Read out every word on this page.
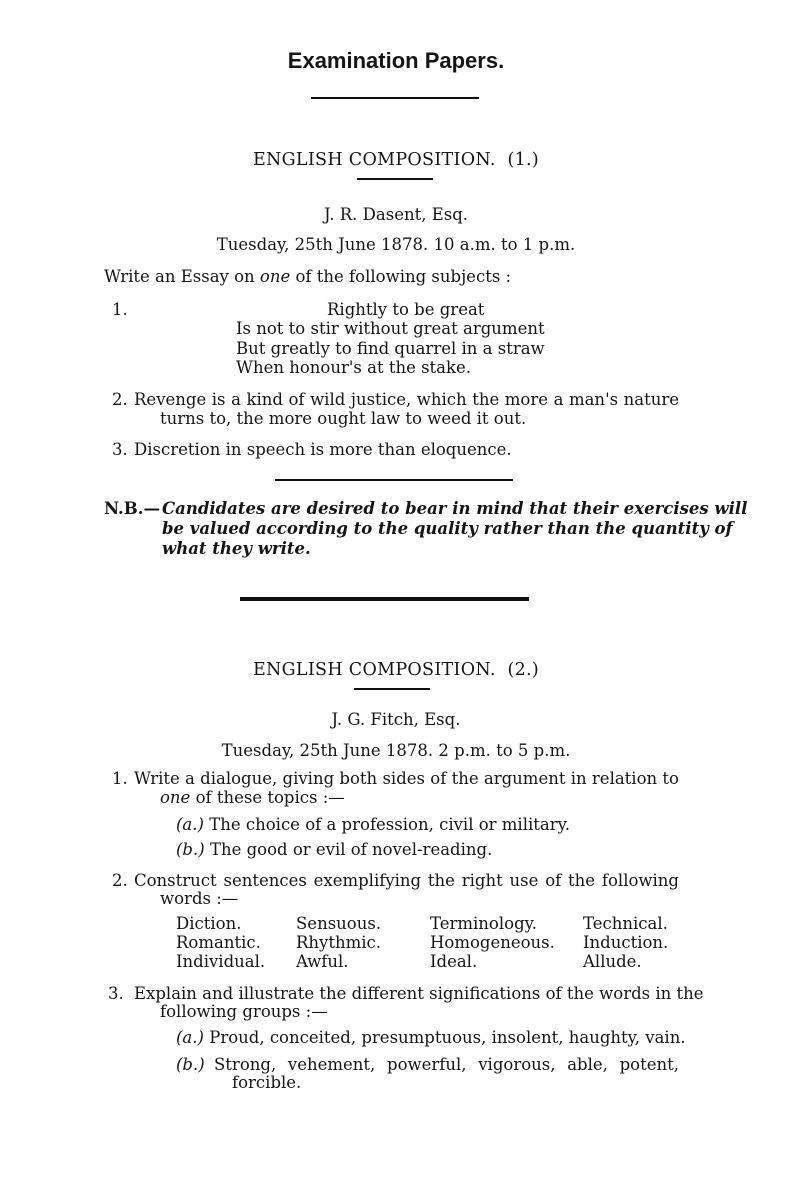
Examination Papers.
ENGLISH COMPOSITION. (1.)
J. R. Dasent, Esq.
Tuesday, 25th June 1878. 10 a.m. to 1 p.m.
Write an Essay on one of the following subjects :
1.	Rightly to be great
Is not to stir without great argument
But greatly to find quarrel in a straw
When honour's at the stake.
2. Revenge is a kind of wild justice, which the more a man's nature
turns to, the more ought law to weed it out.
3. Discretion in speech is more than eloquence.
N.B.— Candidates are desired to bear in mind that their exercises will
be valued according to the quality rather than the quantity of
what they write.
ENGLISH COMPOSITION. (2.)
J. G. Fitch, Esq.
Tuesday, 25th June 1878. 2 p.m. to 5 p.m.
1. Write a dialogue, giving both sides of the argument in relation to
one of these topics :—
(a.) The choice of a profession, civil or military.
(b.) The good or evil of novel-reading.
2. Construct sentences exemplifying the right use of the following
words :—
Diction.	Sensuous.	Terminology.	Technical.
Romantic. Rhythmic.	Homogeneous. Induction.
Individual. Awful.	Ideal.	Allude.
3. Explain and illustrate the different significations of the words in the
following groups :—
(a.) Proud, conceited, presumptuous, insolent, haughty, vain.
(b.) Strong, vehement, powerful, vigorous, able, potent,
forcible.
